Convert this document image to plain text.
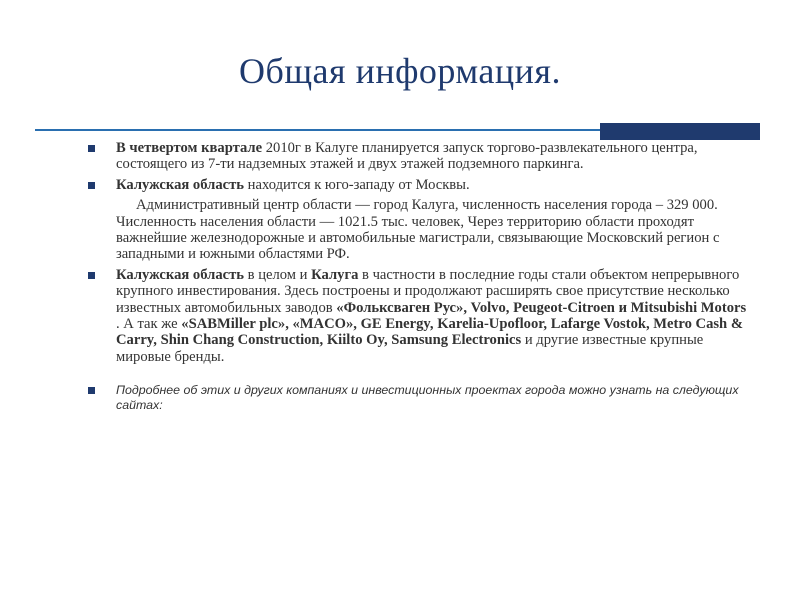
Общая информация.
В четвертом квартале 2010г в Калуге планируется запуск торгово-развлекательного центра, состоящего из 7-ти надземных этажей и двух этажей подземного паркинга.
Калужская область находится к юго-западу от Москвы.
Административный центр области — город Калуга, численность населения города – 329 000. Численность населения области — 1021.5 тыс. человек, Через территорию области проходят важнейшие железнодорожные и автомобильные магистрали, связывающие Московский регион с западными и южными областями РФ.
Калужская область в целом и Калуга в частности в последние годы стали объектом непрерывного крупного инвестирования. Здесь построены и продолжают расширять свое присутствие несколько известных автомобильных заводов «Фольксваген Рус», Volvo, Peugeot-Citroen и Mitsubishi Motors . А так же «SABMiller plc», «MACO», GE Energy, Karelia-Upofloor, Lafarge Vostok, Metro Cash & Carry, Shin Chang Construction, Kiilto Oy, Samsung Electronics и другие известные крупные мировые бренды.
Подробнее об этих и других компаниях и инвестиционных проектах города можно узнать на следующих сайтах:
